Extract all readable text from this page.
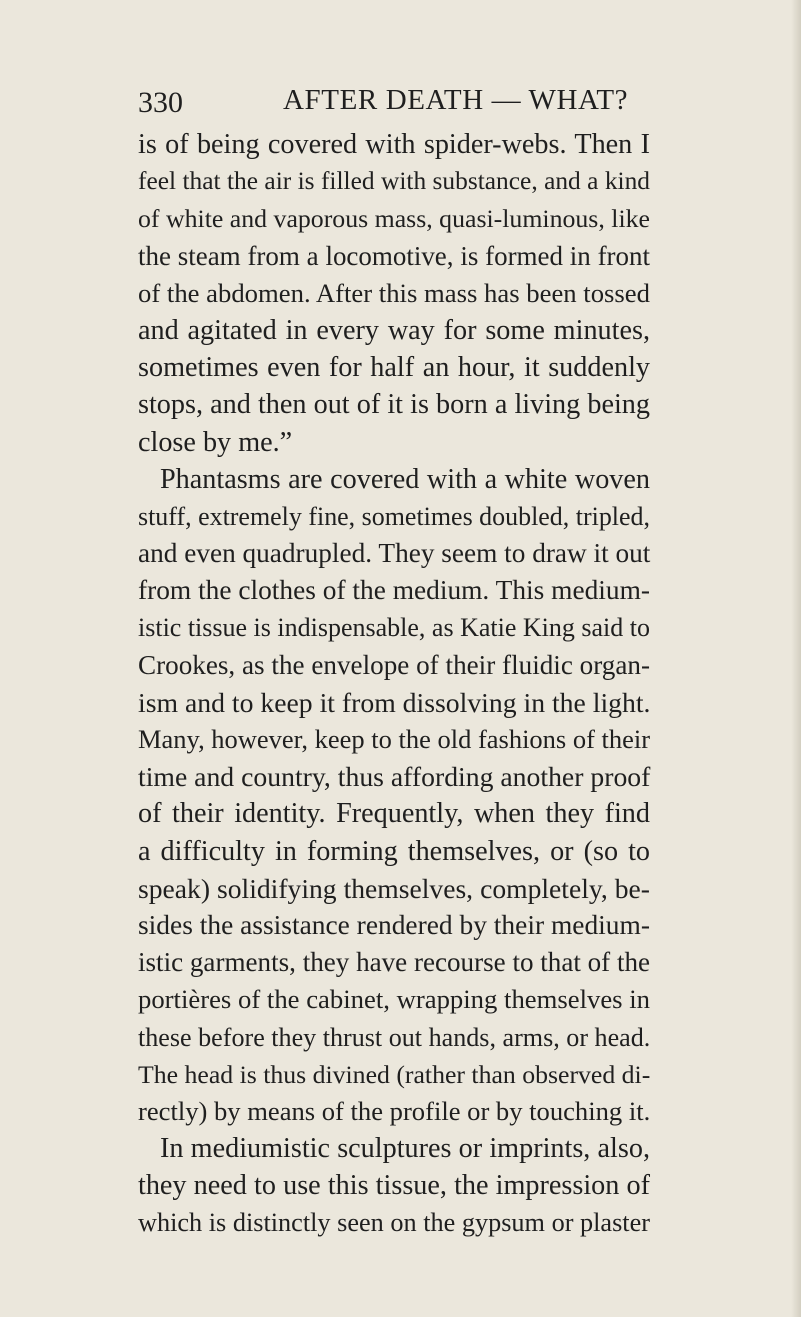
330	AFTER DEATH — WHAT?
is of being covered with spider-webs. Then I
feel that the air is filled with substance, and a kind
of white and vaporous mass, quasi-luminous, like
the steam from a locomotive, is formed in front
of the abdomen. After this mass has been tossed
and agitated in every way for some minutes,
sometimes even for half an hour, it suddenly
stops, and then out of it is born a living being
close by me.”
Phantasms are covered with a white woven
stuff, extremely fine, sometimes doubled, tripled,
and even quadrupled. They seem to draw it out
from the clothes of the medium. This medium-
istic tissue is indispensable, as Katie King said to
Crookes, as the envelope of their fluidic organ-
ism and to keep it from dissolving in the light.
Many, however, keep to the old fashions of their
time and country, thus affording another proof
of their identity. Frequently, when they find
a difficulty in forming themselves, or (so to
speak) solidifying themselves, completely, be-
sides the assistance rendered by their medium-
istic garments, they have recourse to that of the
portières of the cabinet, wrapping themselves in
these before they thrust out hands, arms, or head.
The head is thus divined (rather than observed di-
rectly) by means of the profile or by touching it.
In mediumistic sculptures or imprints, also,
they need to use this tissue, the impression of
which is distinctly seen on the gypsum or plaster
